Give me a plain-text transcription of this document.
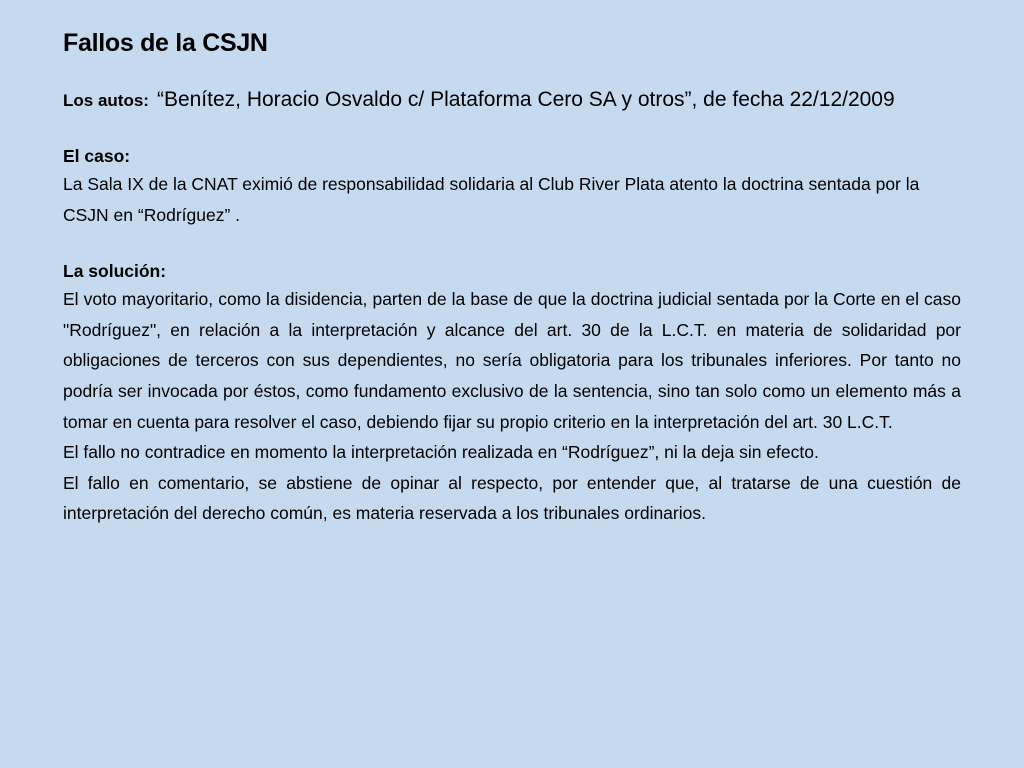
Fallos de la CSJN
Los autos: “Benítez, Horacio Osvaldo c/ Plataforma Cero SA y otros”, de fecha 22/12/2009
El caso:

La Sala IX de la CNAT eximió de responsabilidad solidaria al Club River Plata atento la doctrina sentada por la CSJN en “Rodríguez” .

La solución:

El voto mayoritario, como la disidencia, parten de la base de que la doctrina judicial sentada por la Corte en el caso "Rodríguez", en relación a la interpretación y alcance del art. 30 de la L.C.T. en materia de solidaridad por obligaciones de terceros con sus dependientes, no sería obligatoria para los tribunales inferiores. Por tanto no podría ser invocada por éstos, como fundamento exclusivo de la sentencia, sino tan solo como un elemento más a tomar en cuenta para resolver el caso, debiendo fijar su propio criterio en la interpretación del art. 30 L.C.T.

El fallo no contradice en momento la interpretación realizada en “Rodríguez”, ni la deja sin efecto.

El fallo en comentario, se abstiene de opinar al respecto, por entender que, al tratarse de una cuestión de interpretación del derecho común, es materia reservada a los tribunales ordinarios.
